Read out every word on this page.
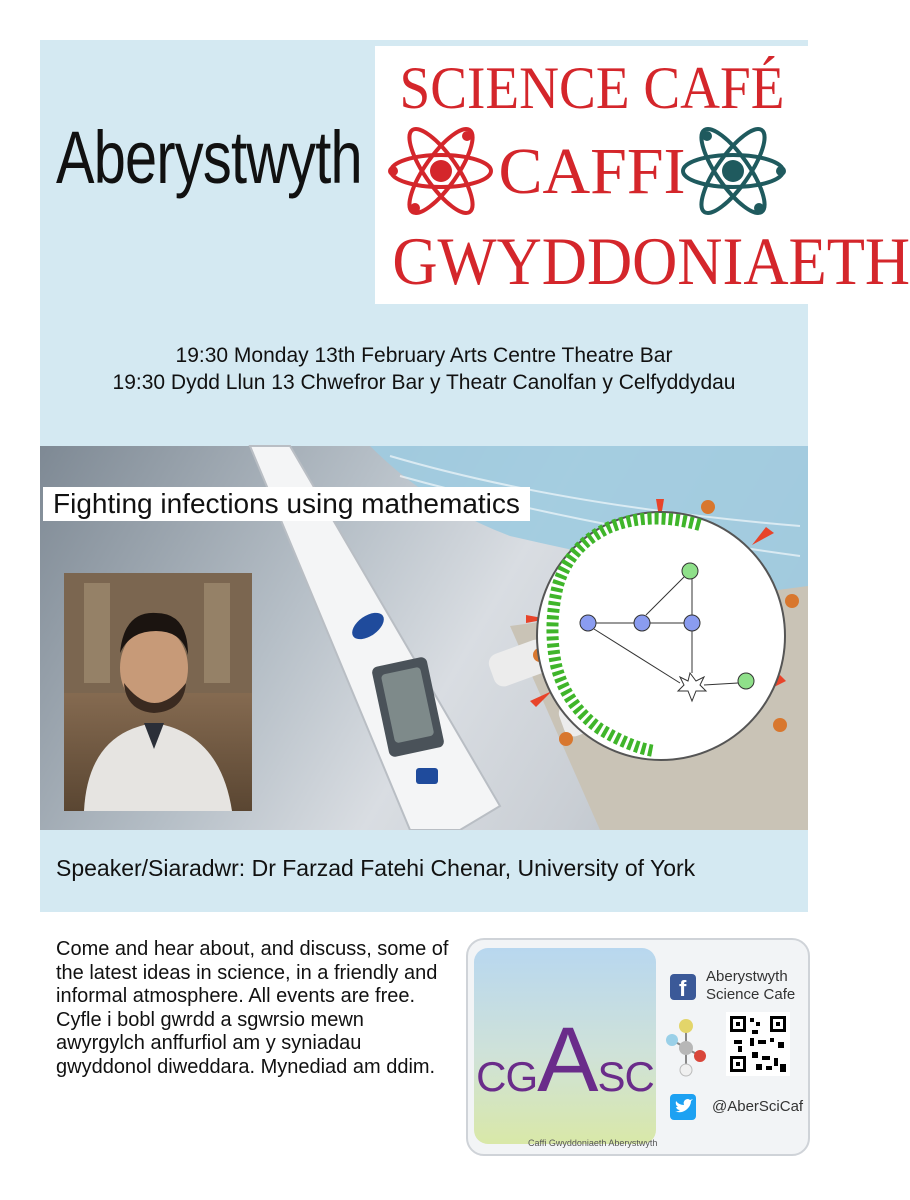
Aberystwyth
SCIENCE CAFÉ
CAFFI
GWYDDONIAETH
19:30 Monday 13th February Arts Centre Theatre Bar
19:30 Dydd Llun 13 Chwefror Bar y Theatr Canolfan y Celfyddydau
Fighting infections using mathematics
Speaker/Siaradwr: Dr Farzad Fatehi Chenar, University of York

Come and hear about, and discuss, some of the latest ideas in science, in a friendly and informal atmosphere. All events are free.

Cyfle i bobl gwrdd a sgwrsio mewn awyrgylch anffurfiol am y syniadau gwyddonol diweddara. Mynediad am ddim. CGASC
f Aberystwyth
Science Cafe
@AberSciCaf
Caffi Gwyddoniaeth Aberystwyth
